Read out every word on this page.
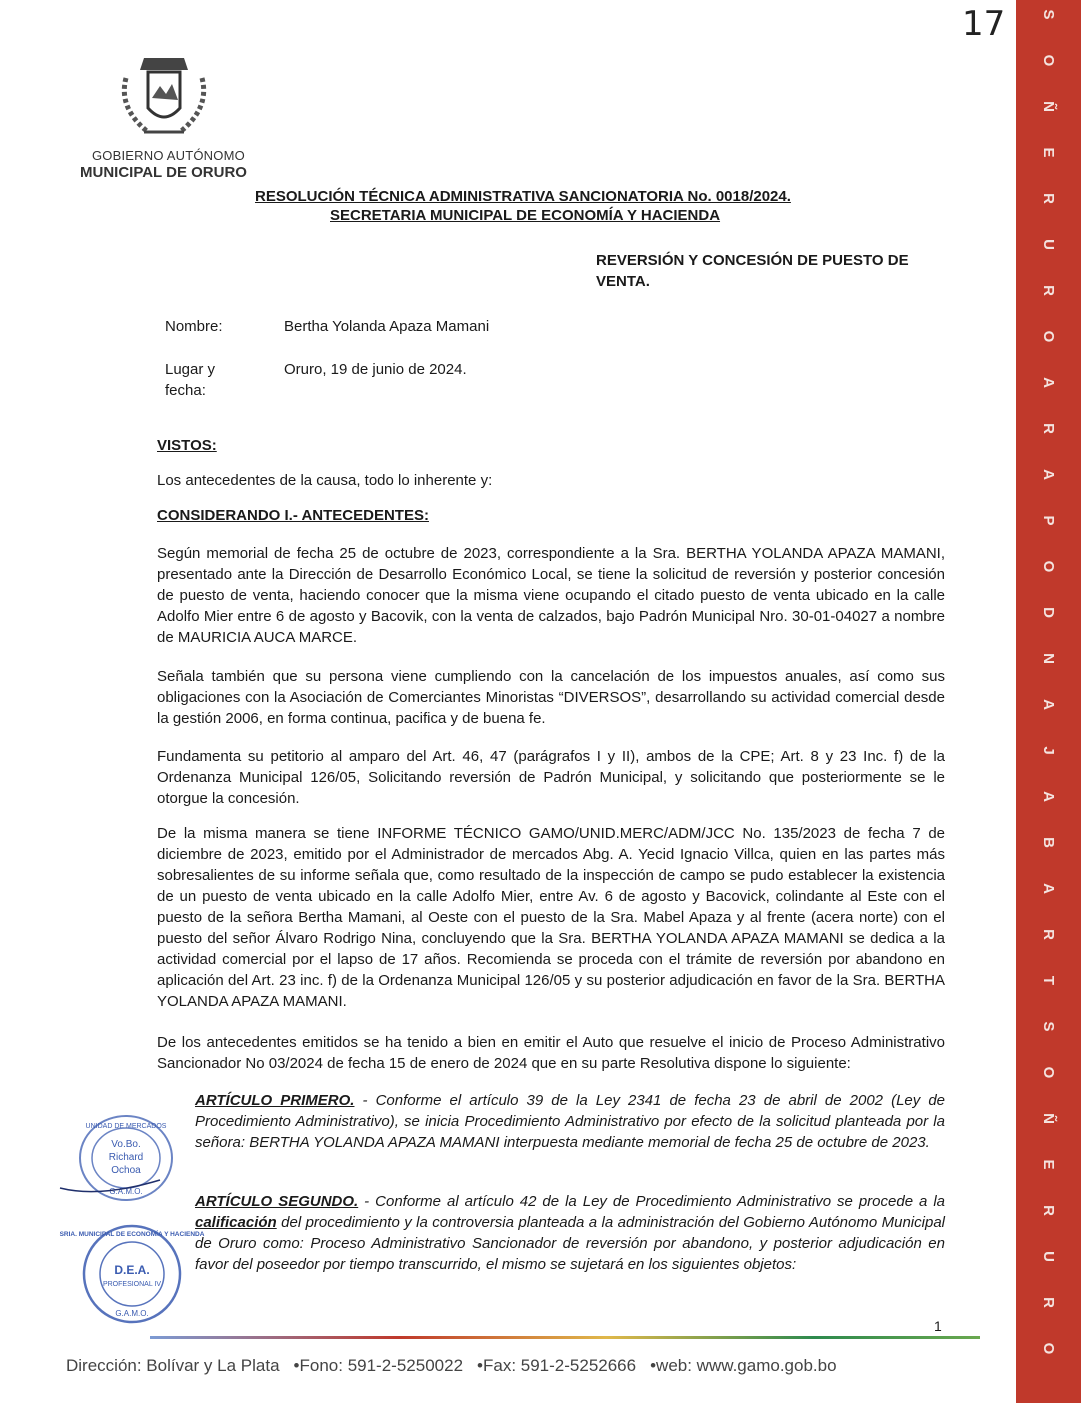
17 S
O
Ñ
E
R
U
R
O
A
R
A
P
O
D
N
A
J
A
B
A
R
T
S
O
Ñ
E
R
U
R
O
GOBIERNO AUTÓNOMO
MUNICIPAL DE ORURO
RESOLUCIÓN TÉCNICA ADMINISTRATIVA SANCIONATORIA No. 0018/2024.
SECRETARIA MUNICIPAL DE ECONOMÍA Y HACIENDA
REVERSIÓN Y CONCESIÓN DE PUESTO DE VENTA.
Nombre:	Bertha Yolanda Apaza Mamani
Lugar y fecha:
Oruro, 19 de junio de 2024.
VISTOS:
Los antecedentes de la causa, todo lo inherente y:
CONSIDERANDO I.- ANTECEDENTES:
Según memorial de fecha 25 de octubre de 2023, correspondiente a la Sra. BERTHA YOLANDA APAZA MAMANI, presentado ante la Dirección de Desarrollo Económico Local, se tiene la solicitud de reversión y posterior concesión de puesto de venta, haciendo conocer que la misma viene ocupando el citado puesto de venta ubicado en la calle Adolfo Mier entre 6 de agosto y Bacovik, con la venta de calzados, bajo Padrón Municipal Nro. 30-01-04027 a nombre de MAURICIA AUCA MARCE.
Señala también que su persona viene cumpliendo con la cancelación de los impuestos anuales, así como sus obligaciones con la Asociación de Comerciantes Minoristas “DIVERSOS”, desarrollando su actividad comercial desde la gestión 2006, en forma continua, pacifica y de buena fe.
Fundamenta su petitorio al amparo del Art. 46, 47 (parágrafos I y II), ambos de la CPE; Art. 8 y 23 Inc. f) de la Ordenanza Municipal 126/05, Solicitando reversión de Padrón Municipal, y solicitando que posteriormente se le otorgue la concesión.
De la misma manera se tiene INFORME TÉCNICO GAMO/UNID.MERC/ADM/JCC No. 135/2023 de fecha 7 de diciembre de 2023, emitido por el Administrador de mercados Abg. A. Yecid Ignacio Villca, quien en las partes más sobresalientes de su informe señala que, como resultado de la inspección de campo se pudo establecer la existencia de un puesto de venta ubicado en la calle Adolfo Mier, entre Av. 6 de agosto y Bacovick, colindante al Este con el puesto de la señora Bertha Mamani, al Oeste con el puesto de la Sra. Mabel Apaza y al frente (acera norte) con el puesto del señor Álvaro Rodrigo Nina, concluyendo que la Sra. BERTHA YOLANDA APAZA MAMANI se dedica a la actividad comercial por el lapso de 17 años. Recomienda se proceda con el trámite de reversión por abandono en aplicación del Art. 23 inc. f) de la Ordenanza Municipal 126/05 y su posterior adjudicación en favor de la Sra. BERTHA YOLANDA APAZA MAMANI.
De los antecedentes emitidos se ha tenido a bien en emitir el Auto que resuelve el inicio de Proceso Administrativo Sancionador No 03/2024 de fecha 15 de enero de 2024 que en su parte Resolutiva dispone lo siguiente:
ARTÍCULO PRIMERO. - Conforme el artículo 39 de la Ley 2341 de fecha 23 de abril de 2002 (Ley de Procedimiento Administrativo), se inicia Procedimiento Administrativo por efecto de la solicitud planteada por la señora: BERTHA YOLANDA APAZA MAMANI interpuesta mediante memorial de fecha 25 de octubre de 2023.
ARTÍCULO SEGUNDO. - Conforme al artículo 42 de la Ley de Procedimiento Administrativo se procede a la calificación del procedimiento y la controversia planteada a la administración del Gobierno Autónomo Municipal de Oruro como: Proceso Administrativo Sancionador de reversión por abandono, y posterior adjudicación en favor del poseedor por tiempo transcurrido, el mismo se sujetará en los siguientes objetos:
UNIDAD DE MERCADOS
Vo.Bo.
Richard
Ochoa
G.A.M.O.
SRIA. MUNICIPAL DE ECONOMÍA Y HACIENDA
D.E.A.
PROFESIONAL IV
G.A.M.O.
1
Dirección: Bolívar y La Plata •Fono: 591-2-5250022 •Fax: 591-2-5252666 •web: www.gamo.gob.bo
